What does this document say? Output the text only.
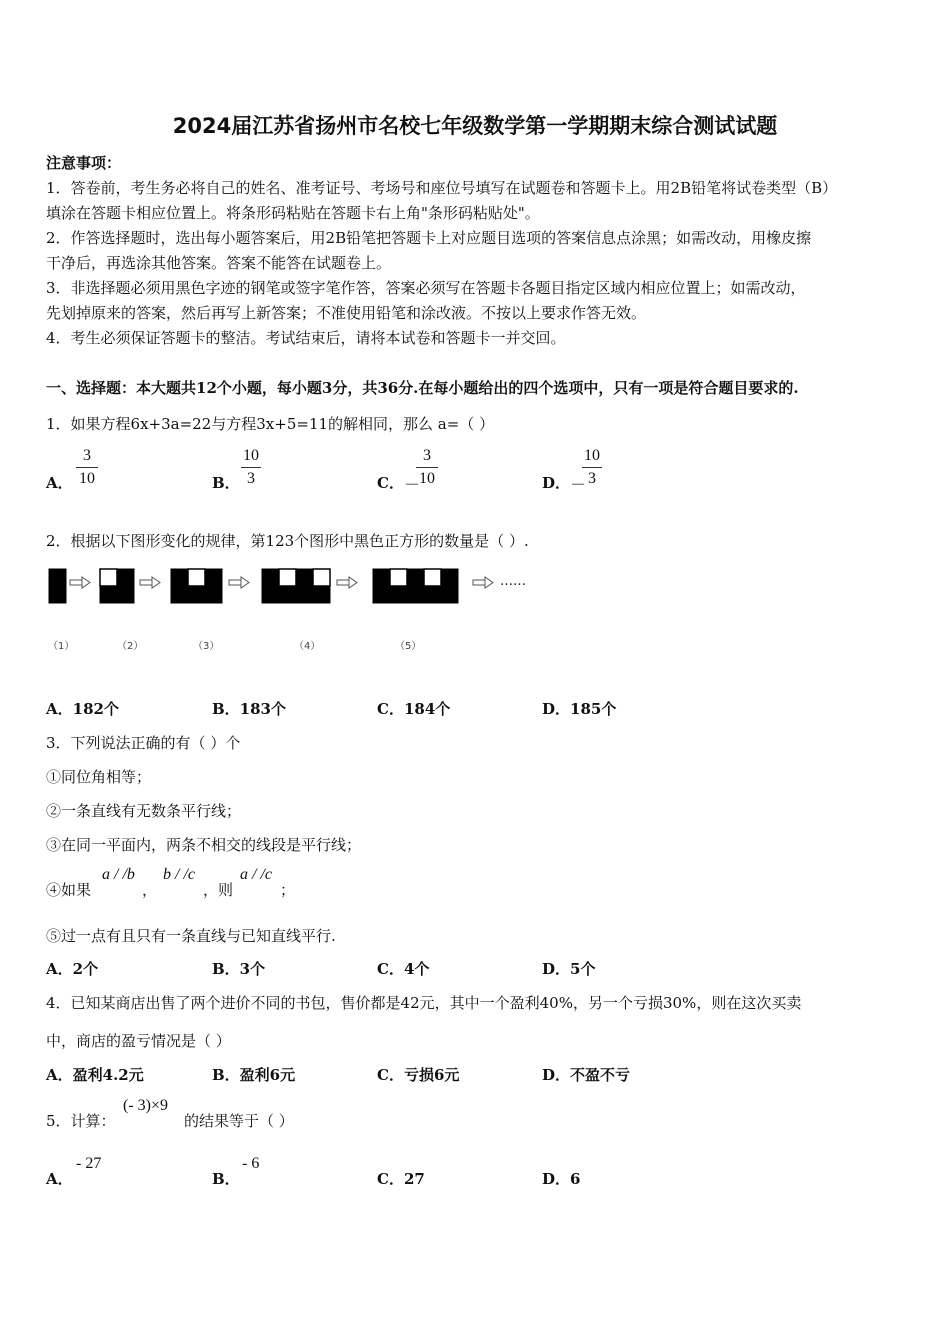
2024届江苏省扬州市名校七年级数学第一学期期末综合测试试题
注意事项：
1．答卷前，考生务必将自己的姓名、准考证号、考场号和座位号填写在试题卷和答题卡上。用2B铅笔将试卷类型（B）
填涂在答题卡相应位置上。将条形码粘贴在答题卡右上角"条形码粘贴处"。
2．作答选择题时，选出每小题答案后，用2B铅笔把答题卡上对应题目选项的答案信息点涂黑；如需改动，用橡皮擦
干净后，再选涂其他答案。答案不能答在试题卷上。
3．非选择题必须用黑色字迹的钢笔或签字笔作答，答案必须写在答题卡各题目指定区域内相应位置上；如需改动，
先划掉原来的答案，然后再写上新答案；不准使用铅笔和涂改液。不按以上要求作答无效。
4．考生必须保证答题卡的整洁。考试结束后，请将本试卷和答题卡一并交回。
一、选择题：本大题共12个小题，每小题3分，共36分.在每小题给出的四个选项中，只有一项是符合题目要求的.
1．如果方程6x+3a=22与方程3x+5=11的解相同，那么 a=（ ）
A．
3
10	B．
10
3	C． －
3
10	D． －
10
3
2．根据以下图形变化的规律，第123个图形中黑色正方形的数量是（ ）.
……
（1）	（2）	（3）	（4）	（5）
A．182个	B．183个	C．184个	D．185个
3．下列说法正确的有（ ）个
①同位角相等；
②一条直线有无数条平行线；
③在同一平面内，两条不相交的线段是平行线；
④如果
a / /b
，
b / /c
，则
a / /c
；
⑤过一点有且只有一条直线与已知直线平行.
A．2个	B．3个	C．4个	D．5个
4．已知某商店出售了两个进价不同的书包，售价都是42元，其中一个盈利40%，另一个亏损30%，则在这次买卖
中，商店的盈亏情况是（ ）
A．盈利4.2元	B．盈利6元	C．亏损6元	D．不盈不亏
5．计算：
(- 3)×9
的结果等于（ ）
A．
- 27
B．
- 6
C．27	D．6
